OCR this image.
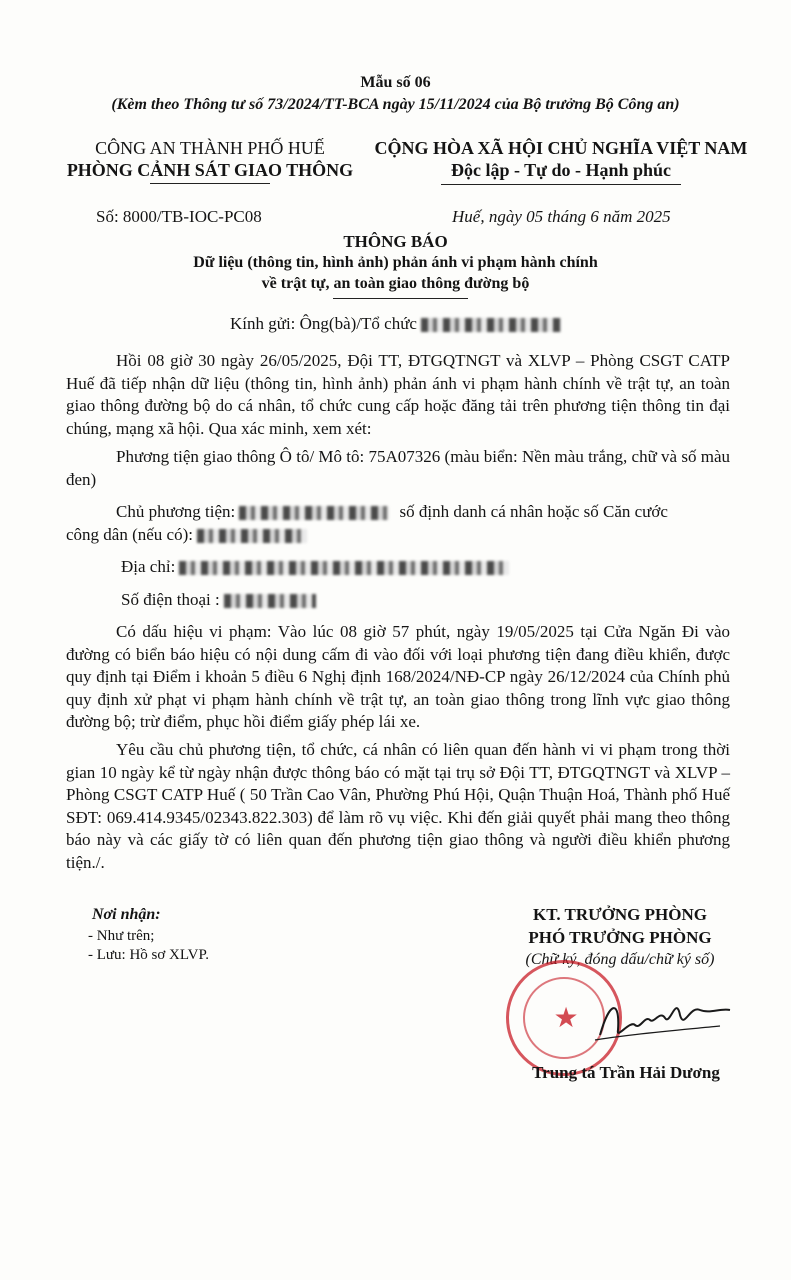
Mẫu số 06
(Kèm theo Thông tư số 73/2024/TT-BCA ngày 15/11/2024 của Bộ trưởng Bộ Công an)
CÔNG AN THÀNH PHỐ HUẾ
PHÒNG CẢNH SÁT GIAO THÔNG
CỘNG HÒA XÃ HỘI CHỦ NGHĨA VIỆT NAM
Độc lập - Tự do - Hạnh phúc
Số: 8000/TB-IOC-PC08	Huế, ngày 05 tháng 6 năm 2025
THÔNG BÁO
Dữ liệu (thông tin, hình ảnh) phản ánh vi phạm hành chính
về trật tự, an toàn giao thông đường bộ
Kính gửi: Ông(bà)/Tổ chức
Hồi 08 giờ 30 ngày 26/05/2025, Đội TT, ĐTGQTNGT và XLVP – Phòng CSGT CATP Huế đã tiếp nhận dữ liệu (thông tin, hình ảnh) phản ánh vi phạm hành chính về trật tự, an toàn giao thông đường bộ do cá nhân, tổ chức cung cấp hoặc đăng tải trên phương tiện thông tin đại chúng, mạng xã hội. Qua xác minh, xem xét:
Phương tiện giao thông Ô tô/ Mô tô: 75A07326 (màu biển: Nền màu trắng, chữ và số màu đen)
Chủ phương tiện:	số định danh cá nhân hoặc số Căn cước
công dân (nếu có):
Địa chỉ:
Số điện thoại :
Có dấu hiệu vi phạm: Vào lúc 08 giờ 57 phút, ngày 19/05/2025 tại Cửa Ngăn Đi vào đường có biển báo hiệu có nội dung cấm đi vào đối với loại phương tiện đang điều khiển, được quy định tại Điểm i khoản 5 điều 6 Nghị định 168/2024/NĐ-CP ngày 26/12/2024 của Chính phủ quy định xử phạt vi phạm hành chính về trật tự, an toàn giao thông trong lĩnh vực giao thông đường bộ; trừ điểm, phục hồi điểm giấy phép lái xe.
Yêu cầu chủ phương tiện, tổ chức, cá nhân có liên quan đến hành vi vi phạm trong thời gian 10 ngày kể từ ngày nhận được thông báo có mặt tại trụ sở Đội TT, ĐTGQTNGT và XLVP – Phòng CSGT CATP Huế ( 50 Trần Cao Vân, Phường Phú Hội, Quận Thuận Hoá, Thành phố Huế SĐT: 069.414.9345/02343.822.303) để làm rõ vụ việc. Khi đến giải quyết phải mang theo thông báo này và các giấy tờ có liên quan đến phương tiện giao thông và người điều khiển phương tiện./.
Nơi nhận:
- Như trên;
- Lưu: Hồ sơ XLVP.
KT. TRƯỞNG PHÒNG
PHÓ TRƯỞNG PHÒNG
(Chữ ký, đóng dấu/chữ ký số)
★
Trung tá Trần Hải Dương
